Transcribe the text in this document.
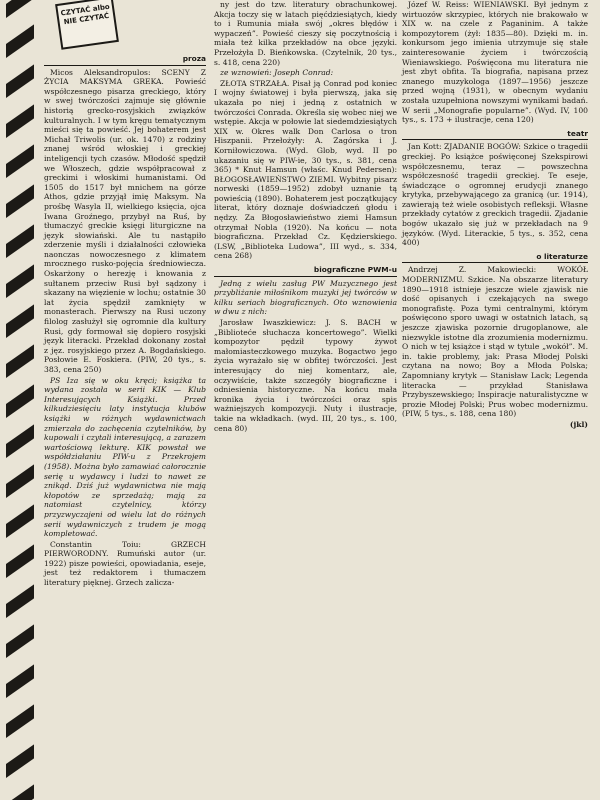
CZYTAĆ albo NIE CZYTAĆ
proza

Micos Aleksandropulos: SCENY Z ŻYCIA MAKSYMA GREKA. Powieść współczesnego pisarza greckiego, który w swej twórczości zajmuje się głównie historią grecko-rosyjskich związków kulturalnych. I w tym kręgu tematycznym mieści się ta powieść. Jej bohaterem jest Michał Triwolis (ur. ok. 1470) z rodziny znanej wśród włoskiej i greckiej inteligencji tych czasów. Młodość spędził we Włoszech, gdzie współpracował z greckimi i włoskimi humanistami. Od 1505 do 1517 był mnichem na górze Athos, gdzie przyjął imię Maksym. Na prośbę Wasyla II, wielkiego księcia, ojca Iwana Groźnego, przybył na Ruś, by tłumaczyć greckie księgi liturgiczne na język słowiański. Ale tu nastąpiło zderzenie myśli i działalności człowieka naonczas nowoczesnego z klimatem mrocznego rusko-pojęcia średniowiecza. Oskarżony o herezję i knowania z sułtanem przeciw Rusi był sądzony i skazany na więzienie w lochu; ostatnie 30 lat życia spędził zamknięty w monasterach. Pierwszy na Rusi uczony filolog zasłużył się ogromnie dla kultury Rusi, gdy formował się dopiero rosyjski język literacki. Przekład dokonany został z jęz. rosyjskiego przez A. Bogdańskiego. Posłowie E. Foskiera. (PIW, 20 tys., s. 383, cena 250)

PS Iza się w oku kręci; książka ta wydana została w serii KIK — Klub Interesujących Książki. Przed kilkudziesięciu laty instytucja klubów książki w różnych wydawnictwach zmierzała do zachęcenia czytelników, by kupowali i czytali interesującą, a zarazem wartościową lekturę. KIK powstał we współdziałaniu PIW-u z Przekrojem (1958). Można było zamawiać całorocznie serię u wydawcy i ludzi to nawet ze znikąd. Dziś już wydawnictwa nie mają kłopotów ze sprzedażą; mają za natomiast czytelnicy, którzy przyzwyczajeni od wielu lat do różnych serii wydawniczych z trudem je mogą kompletować.

Constantin Toiu: GRZECH PIERWORODNY. Rumuński autor (ur. 1922) pisze powieści, opowiadania, eseje, jest też redaktorem i tłumaczem literatury pięknej. Grzech zalicza-

ny jest do tzw. literatury obrachunkowej. Akcja toczy się w latach pięćdziesiątych, kiedy to i Rumunia miała swój „okres błędów i wypaczeń”. Powieść cieszy się poczytnością i miała też kilka przekładów na obce języki. Przełożyła D. Bieńkowska. (Czytelnik, 20 tys., s. 418, cena 220)

ze wznowień: Joseph Conrad:

ZŁOTA STRZAŁA. Pisał ją Conrad pod koniec I wojny światowej i była pierwszą, jaka się ukazała po niej i jedną z ostatnich w twórczości Conrada. Określa się wobec niej we wstępie. Akcja w połowie lat siedemdziesiątych XIX w. Okres walk Don Carlosa o tron Hiszpanii. Przełożyły: A. Zagórska i J. Korniłowiczowa. (Wyd. Glob, wyd. II po ukazaniu się w PIW-ie, 30 tys., s. 381, cena 365) * Knut Hamsun (właśc. Knud Pedersen): BŁOGOSŁAWIEŃSTWO ZIEMI. Wybitny pisarz norweski (1859—1952) zdobył uznanie tą powieścią (1890). Bohaterem jest początkujący literat, który doznaje doświadczeń głodu i nędzy. Za Błogosławieństwo ziemi Hamsun otrzymał Nobla (1920). Na końcu — nota biograficzna. Przekład Cz. Kędzierskiego. (LSW, „Biblioteka Ludowa”, III wyd., s. 334, cena 268)

biograficzne PWM-u

Jedną z wielu zasług PW Muzycznego jest przybliżanie miłośnikom muzyki jej twórców w kilku seriach biograficznych. Oto wznowienia w dwu z nich:

Jarosław Iwaszkiewicz: J. S. BACH w „Biblioteće słuchacza koncertowego”. Wielki kompozytor pędził typowy żywot małomiasteczkowego muzyka. Bogactwo jego życia wyrażało się w obfitej twórczości. Jest interesujący do niej komentarz, ale, oczywiście, także szczegóły biograficzne i odniesienia historyczne. Na końcu mała kronika życia i twórczości oraz spis ważniejszych kompozycji. Nuty i ilustracje, takie na wkładkach. (wyd. III, 20 tys., s. 100, cena 80)

Józef W. Reiss: WIENIAWSKI. Był jednym z wirtuozów skrzypiec, których nie brakowało w XIX w. na czele z Paganinim. A także kompozytorem (żył: 1835—80). Dzięki m. in. konkursom jego imienia utrzymuje się stałe zainteresowanie życiem i twórczością Wieniawskiego. Poświęcona mu literatura nie jest zbyt obfita. Ta biografia, napisana przez znanego muzykologa (1897—1956) jeszcze przed wojną (1931), w obecnym wydaniu została uzupełniona nowszymi wynikami badań. W serii „Monografie popularne”. (Wyd. IV, 100 tys., s. 173 + ilustracje, cena 120)

teatr

Jan Kott: ZJADANIE BOGÓW: Szkice o tragedii greckiej. Po książce poświęconej Szekspirowi współczesnemu, teraz — powszechna współczesność tragedii greckiej. Te eseje, świadczące o ogromnej erudycji znanego krytyka, przebywającego za granicą (ur. 1914), zawierają też wiele osobistych refleksji. Własne przekłady cytatów z greckich tragedii. Zjadanie bogów ukazało się już w przekładach na 9 języków. (Wyd. Literackie, 5 tys., s. 352, cena 400)

o literaturze

Andrzej Z. Makowiecki: WOKÓŁ MODERNIZMU. Szkice. Na obszarze literatury 1890—1918 istnieje jeszcze wiele zjawisk nie dość opisanych i czekających na swego monografistę. Poza tymi centralnymi, którym poświęcono sporo uwagi w ostatnich latach, są jeszcze zjawiska pozornie drugoplanowe, ale niezwykle istotne dla zrozumienia modernizmu. O nich w tej książce i stąd w tytule „wokół”. M. in. takie problemy, jak: Prasa Młodej Polski czytana na nowo; Boy a Młoda Polska; Zapomniany krytyk — Stanisław Lack; Legenda literacka — przykład Stanisława Przybyszewskiego; Inspiracje naturalistyczne w prozie Młodej Polski; Prus wobec modernizmu. (PIW, 5 tys., s. 188, cena 180)

(jkl)
